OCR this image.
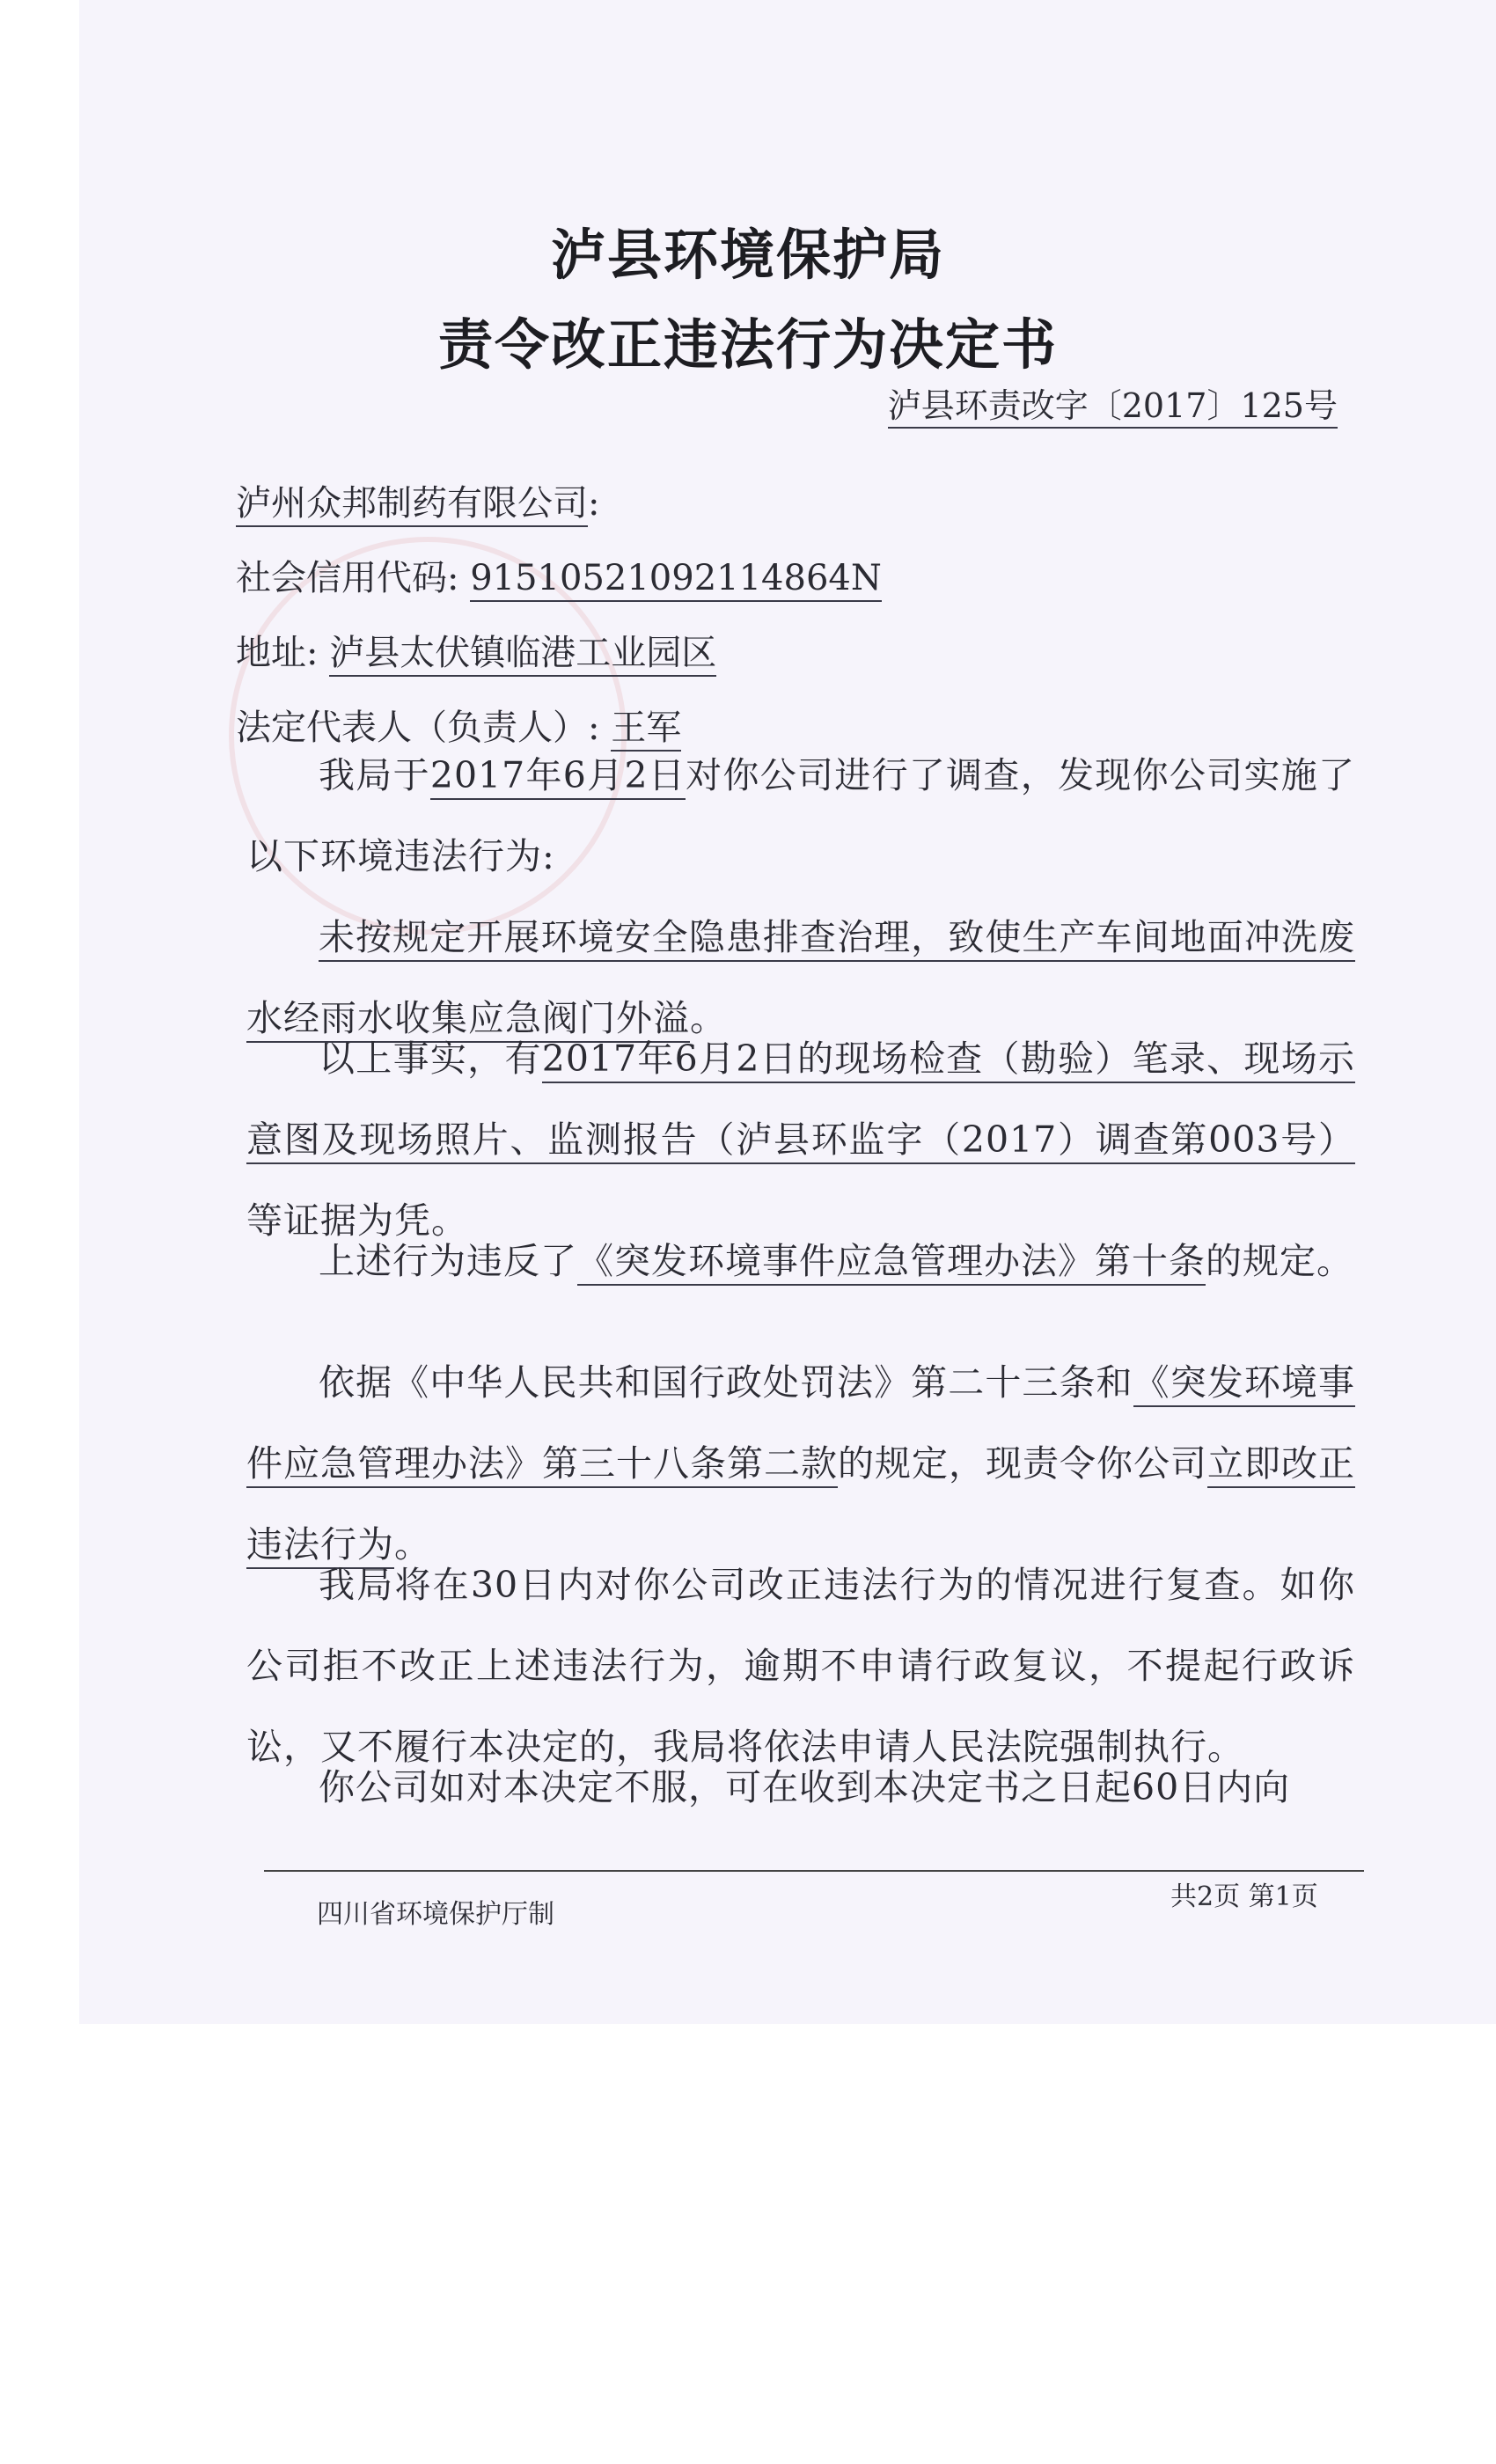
泸县环境保护局
责令改正违法行为决定书
泸县环责改字〔2017〕125号
泸州众邦制药有限公司:
社会信用代码: 91510521092114864N
地址: 泸县太伏镇临港工业园区
法定代表人（负责人）: 王军
我局于2017年6月2日对你公司进行了调查，发现你公司实施了以下环境违法行为:
未按规定开展环境安全隐患排查治理，致使生产车间地面冲洗废水经雨水收集应急阀门外溢。
以上事实，有2017年6月2日的现场检查（勘验）笔录、现场示意图及现场照片、监测报告（泸县环监字（2017）调查第003号）等证据为凭。
上述行为违反了《突发环境事件应急管理办法》第十条的规定。
依据《中华人民共和国行政处罚法》第二十三条和《突发环境事件应急管理办法》第三十八条第二款的规定，现责令你公司立即改正违法行为。
我局将在30日内对你公司改正违法行为的情况进行复查。如你公司拒不改正上述违法行为，逾期不申请行政复议，不提起行政诉讼，又不履行本决定的，我局将依法申请人民法院强制执行。
你公司如对本决定不服，可在收到本决定书之日起60日内向
四川省环境保护厅制
共2页 第1页
